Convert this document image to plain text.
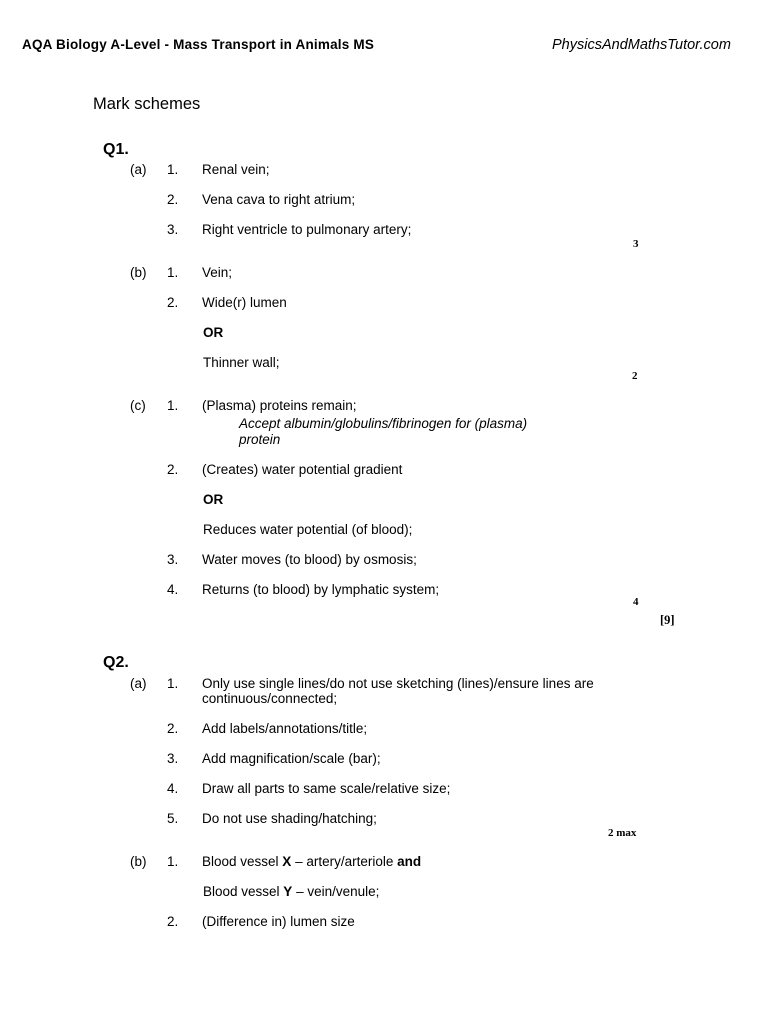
AQA Biology A-Level - Mass Transport in Animals MS	PhysicsAndMathsTutor.com
Mark schemes
Q1.
(a) 1. Renal vein;
2. Vena cava to right atrium;
3. Right ventricle to pulmonary artery;
3
(b) 1. Vein;
2. Wide(r) lumen
OR
Thinner wall;
2
(c) 1. (Plasma) proteins remain;
Accept albumin/globulins/fibrinogen for (plasma)
protein
2. (Creates) water potential gradient
OR
Reduces water potential (of blood);
3. Water moves (to blood) by osmosis;
4. Returns (to blood) by lymphatic system;
4
[9]
Q2.
(a) 1. Only use single lines/do not use sketching (lines)/ensure lines are
continuous/connected;
2. Add labels/annotations/title;
3. Add magnification/scale (bar);
4. Draw all parts to same scale/relative size;
5. Do not use shading/hatching;
2 max
(b) 1. Blood vessel X – artery/arteriole and
Blood vessel Y – vein/venule;
2. (Difference in) lumen size
